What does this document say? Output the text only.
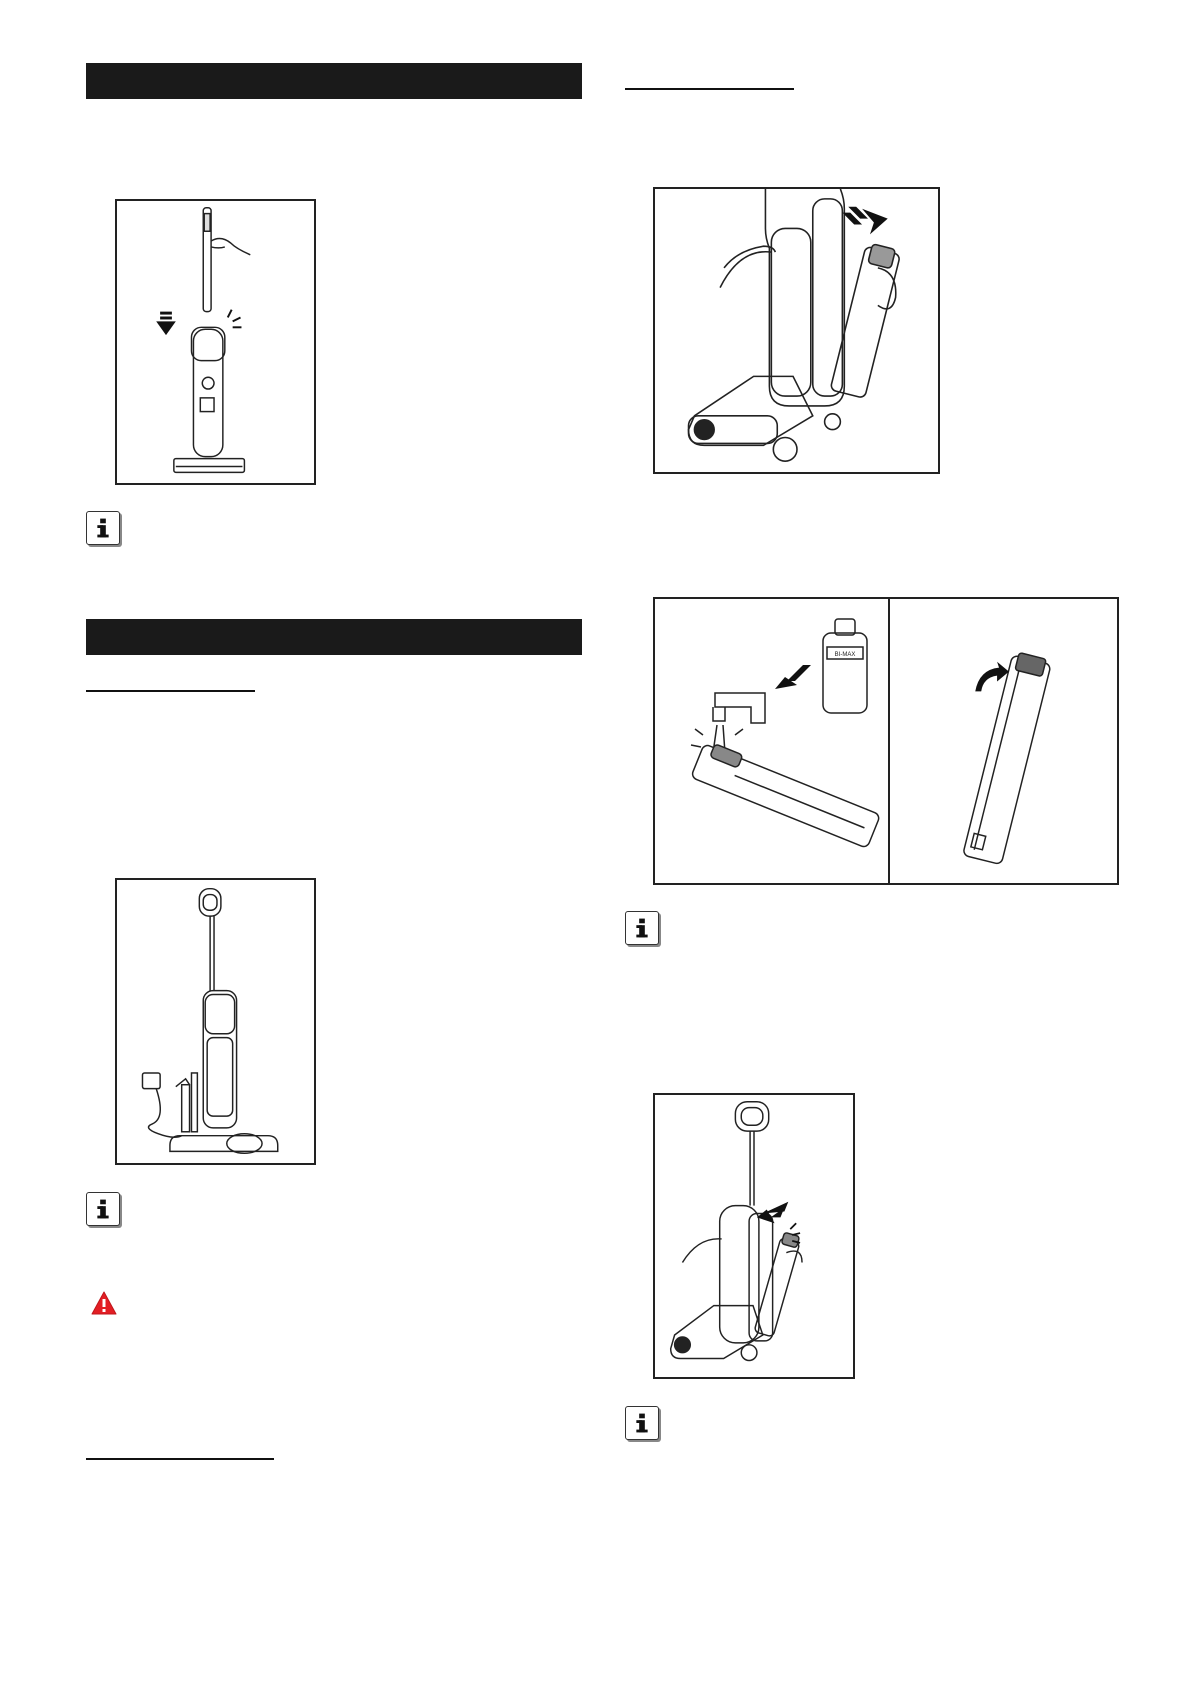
BI-MAX
